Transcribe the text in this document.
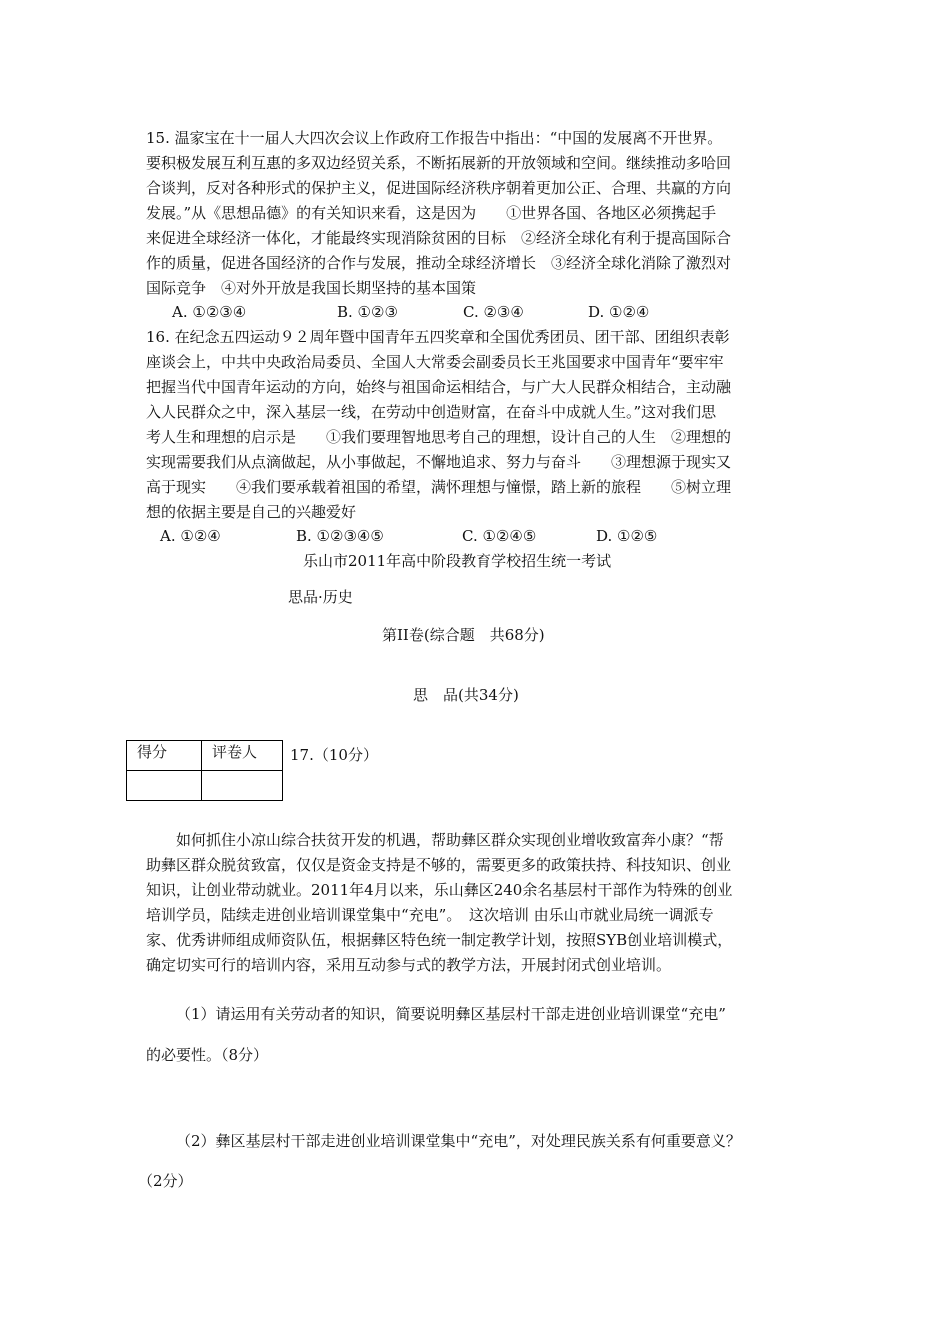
15. 温家宝在十一届人大四次会议上作政府工作报告中指出：“中国的发展离不开世界。
要积极发展互利互惠的多双边经贸关系，不断拓展新的开放领域和空间。继续推动多哈回
合谈判，反对各种形式的保护主义，促进国际经济秩序朝着更加公正、合理、共赢的方向
发展。”从《思想品德》的有关知识来看，这是因为　　①世界各国、各地区必须携起手
来促进全球经济一体化，才能最终实现消除贫困的目标　②经济全球化有利于提高国际合
作的质量，促进各国经济的合作与发展，推动全球经济增长　③经济全球化消除了激烈对
国际竞争　④对外开放是我国长期坚持的基本国策
A. ①②③④	B. ①②③	C. ②③④	D. ①②④
16. 在纪念五四运动９２周年暨中国青年五四奖章和全国优秀团员、团干部、团组织表彰
座谈会上，中共中央政治局委员、全国人大常委会副委员长王兆国要求中国青年“要牢牢
把握当代中国青年运动的方向，始终与祖国命运相结合，与广大人民群众相结合，主动融
入人民群众之中，深入基层一线，在劳动中创造财富，在奋斗中成就人生。”这对我们思
考人生和理想的启示是　　①我们要理智地思考自己的理想，设计自己的人生　②理想的
实现需要我们从点滴做起，从小事做起，不懈地追求、努力与奋斗　　③理想源于现实又
高于现实　　④我们要承载着祖国的希望，满怀理想与憧憬，踏上新的旅程　　⑤树立理
想的依据主要是自己的兴趣爱好
A. ①②④	B. ①②③④⑤	C. ①②④⑤	D. ①②⑤
乐山市2011年高中阶段教育学校招生统一考试
思品·历史
第II卷(综合题　共68分)
思　品(共34分)
得分	评卷人
	17.（10分）
如何抓住小凉山综合扶贫开发的机遇，帮助彝区群众实现创业增收致富奔小康？“帮
助彝区群众脱贫致富，仅仅是资金支持是不够的，需要更多的政策扶持、科技知识、创业
知识，让创业带动就业。2011年4月以来，乐山彝区240余名基层村干部作为特殊的创业
培训学员，陆续走进创业培训课堂集中“充电”。　这次培训 由乐山市就业局统一调派专
家、优秀讲师组成师资队伍，根据彝区特色统一制定教学计划，按照SYB创业培训模式，
确定切实可行的培训内容，采用互动参与式的教学方法，开展封闭式创业培训。
（1）请运用有关劳动者的知识，简要说明彝区基层村干部走进创业培训课堂“充电”
的必要性。（8分）
（2）彝区基层村干部走进创业培训课堂集中“充电”，对处理民族关系有何重要意义？
（2分）
